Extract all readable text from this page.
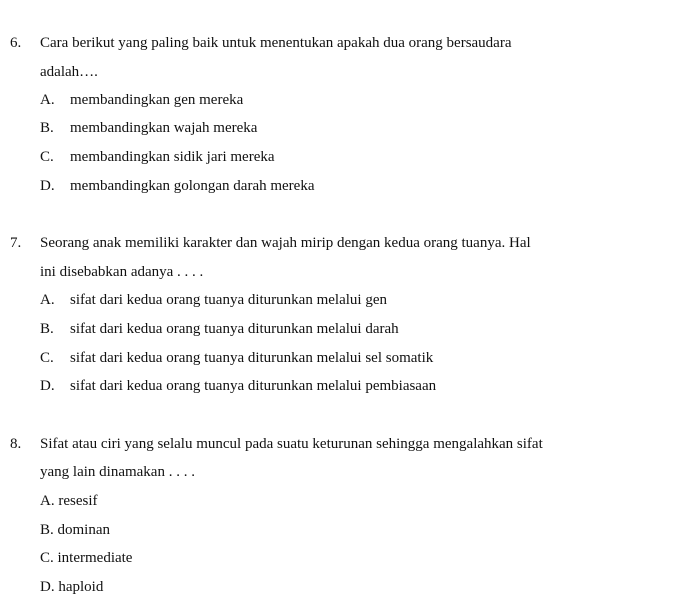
6. Cara berikut yang paling baik untuk menentukan apakah dua orang bersaudara
adalah….
A. membandingkan gen mereka
B. membandingkan wajah mereka
C. membandingkan sidik jari mereka
D. membandingkan golongan darah mereka
7. Seorang anak memiliki karakter dan wajah mirip dengan kedua orang tuanya. Hal
ini disebabkan adanya . . . .
A. sifat dari kedua orang tuanya diturunkan melalui gen
B. sifat dari kedua orang tuanya diturunkan melalui darah
C. sifat dari kedua orang tuanya diturunkan melalui sel somatik
D. sifat dari kedua orang tuanya diturunkan melalui pembiasaan
8. Sifat atau ciri yang selalu muncul pada suatu keturunan sehingga mengalahkan sifat
yang lain dinamakan . . . .
A. resesif
B. dominan
C. intermediate
D. haploid
